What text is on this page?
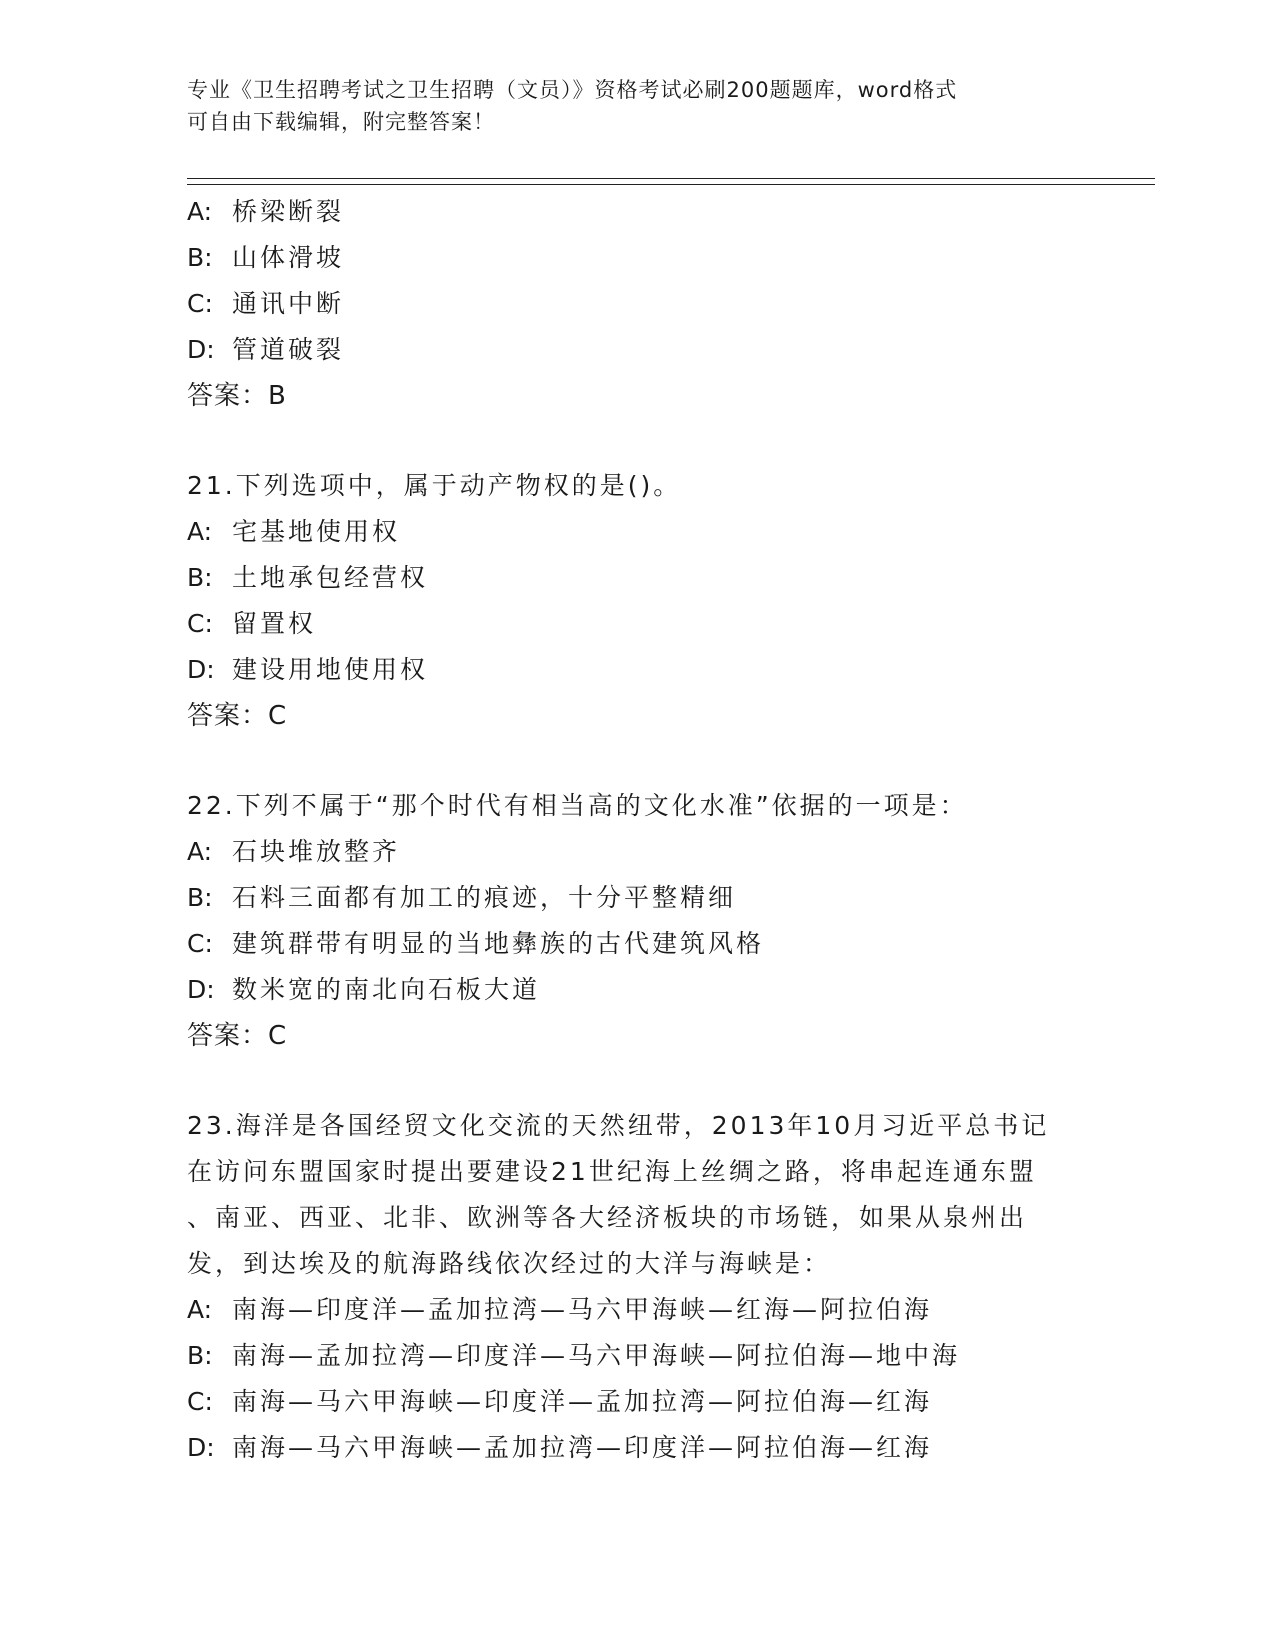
专业《卫生招聘考试之卫生招聘（文员）》资格考试必刷200题题库，word格式
可自由下载编辑，附完整答案！
A: 桥梁断裂
B: 山体滑坡
C: 通讯中断
D: 管道破裂
答案：B
21.下列选项中，属于动产物权的是()。
A: 宅基地使用权
B: 土地承包经营权
C: 留置权
D: 建设用地使用权
答案：C
22.下列不属于“那个时代有相当高的文化水准”依据的一项是：
A: 石块堆放整齐
B: 石料三面都有加工的痕迹，十分平整精细
C: 建筑群带有明显的当地彝族的古代建筑风格
D: 数米宽的南北向石板大道
答案：C
23.海洋是各国经贸文化交流的天然纽带，2013年10月习近平总书记
在访问东盟国家时提出要建设21世纪海上丝绸之路，将串起连通东盟
、南亚、西亚、北非、欧洲等各大经济板块的市场链，如果从泉州出
发，到达埃及的航海路线依次经过的大洋与海峡是：
A: 南海—印度洋—孟加拉湾—马六甲海峡—红海—阿拉伯海
B: 南海—孟加拉湾—印度洋—马六甲海峡—阿拉伯海—地中海
C: 南海—马六甲海峡—印度洋—孟加拉湾—阿拉伯海—红海
D: 南海—马六甲海峡—孟加拉湾—印度洋—阿拉伯海—红海
